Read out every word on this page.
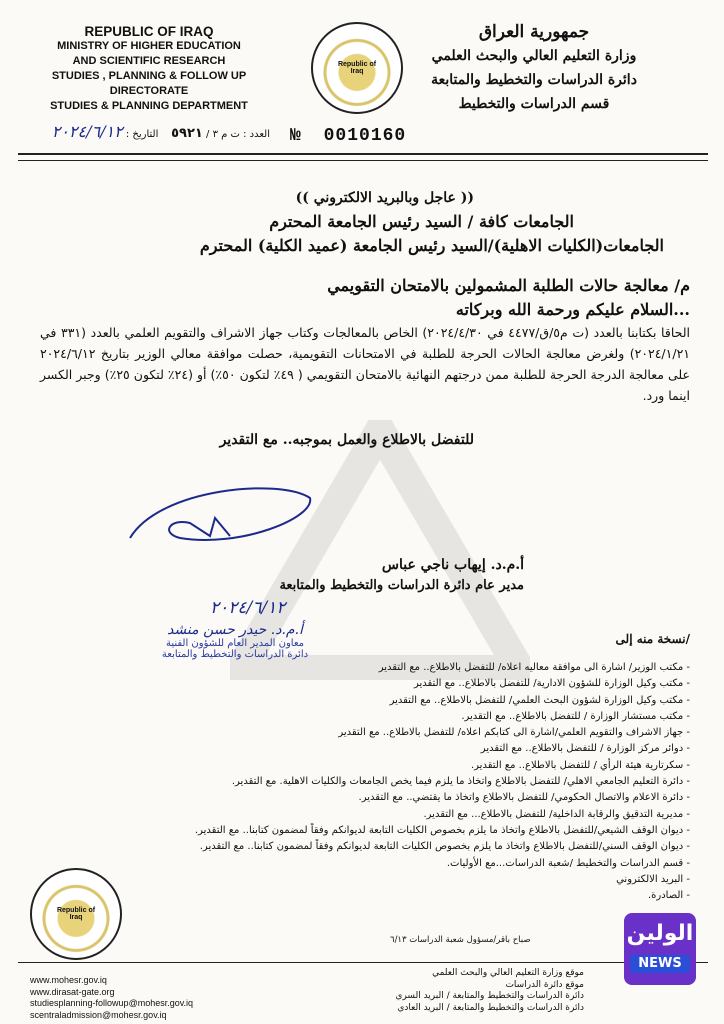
REPUBLIC OF IRAQ
MINISTRY OF HIGHER EDUCATION
AND SCIENTIFIC RESEARCH
STUDIES , PLANNING & FOLLOW UP DIRECTORATE
STUDIES & PLANNING DEPARTMENT
Republic of Iraq
جمهورية العراق
وزارة التعليم العالي والبحث العلمي
دائرة الدراسات والتخطيط والمتابعة
قسم الدراسات والتخطيط
العدد : ت م ٣ / ٥٩٢١    التاريخ : ٢٠٢٤/٦/١٢	№ 0010160
(( عاجل وبالبريد الالكتروني ))
الجامعات كافة / السيد رئيس الجامعة المحترم
الجامعات(الكليات الاهلية)/السيد رئيس الجامعة (عميد الكلية) المحترم
م/ معالجة حالات الطلبة المشمولين بالامتحان التقويمي
السلام عليكم ورحمة الله وبركاته...
الحاقا بكتابنا بالعدد (ت م٥/ق/٤٤٧٧ في ٢٠٢٤/٤/٣٠) الخاص بالمعالجات وكتاب جهاز الاشراف والتقويم العلمي بالعدد (٣٣١ في ٢٠٢٤/١/٢١) ولغرض معالجة الحالات الحرجة للطلبة في الامتحانات التقويمية، حصلت موافقة معالي الوزير بتاريخ ٢٠٢٤/٦/١٢ على معالجة الدرجة الحرجة للطلبة ممن درجتهم النهائية بالامتحان التقويمي ( ٤٩٪ لتكون ٥٠٪) أو (٢٤٪ لتكون ٢٥٪) وجبر الكسر اينما ورد.
للتفضل بالاطلاع والعمل بموجبه.. مع التقدير
أ.م.د. إيهاب ناجي عباس
مدير عام دائرة الدراسات والتخطيط والمتابعة
٢٠٢٤/٦/١٢
أ.م.د. حيدر حسن منشد
معاون المدير العام للشؤون الفنية
دائرة الدراسات والتخطيط والمتابعة
نسخة منه إلى/
- مكتب الوزير/ اشارة الى موافقة معاليه اعلاه/ للتفضل بالاطلاع.. مع التقدير
- مكتب وكيل الوزارة للشؤون الادارية/ للتفضل بالاطلاع.. مع التقدير
- مكتب وكيل الوزارة لشؤون البحث العلمي/ للتفضل بالاطلاع.. مع التقدير
- مكتب مستشار الوزارة / للتفضل بالاطلاع.. مع التقدير.
- جهاز الاشراف والتقويم العلمي/اشارة الى كتابكم اعلاه/ للتفضل بالاطلاع.. مع التقدير
- دوائر مركز الوزارة / للتفضل بالاطلاع.. مع التقدير
- سكرتارية هيئة الرأي / للتفضل بالاطلاع.. مع التقدير.
- دائرة التعليم الجامعي الاهلي/ للتفضل بالاطلاع واتخاذ ما يلزم فيما يخص الجامعات والكليات الاهلية. مع التقدير.
- دائرة الاعلام والاتصال الحكومي/ للتفضل بالاطلاع واتخاذ ما يقتضي.. مع التقدير.
- مديرية التدقيق والرقابة الداخلية/ للتفضل بالاطلاع... مع التقدير.
- ديوان الوقف الشيعي/للتفضل بالاطلاع واتخاذ ما يلزم بخصوص الكليات التابعة لديوانكم وفقاً لمضمون كتابنا.. مع التقدير.
- ديوان الوقف السني/للتفضل بالاطلاع واتخاذ ما يلزم بخصوص الكليات التابعة لديوانكم وفقاً لمضمون كتابنا.. مع التقدير.
- قسم الدراسات والتخطيط /شعبة الدراسات...مع الأوليات.
- البريد الالكتروني
- الصادرة.
صباح باقر/مسؤول شعبة الدراسات ٦/١٣
Republic of Iraq
www.mohesr.gov.iq
www.dirasat-gate.org
studiesplanning-followup@mohesr.gov.iq
scentraladmission@mohesr.gov.iq
موقع وزارة التعليم العالي والبحث العلمي
موقع دائرة الدراسات
دائرة الدراسات والتخطيط والمتابعة / البريد السري
دائرة الدراسات والتخطيط والمتابعة / البريد العادي
الولين
NEWS
